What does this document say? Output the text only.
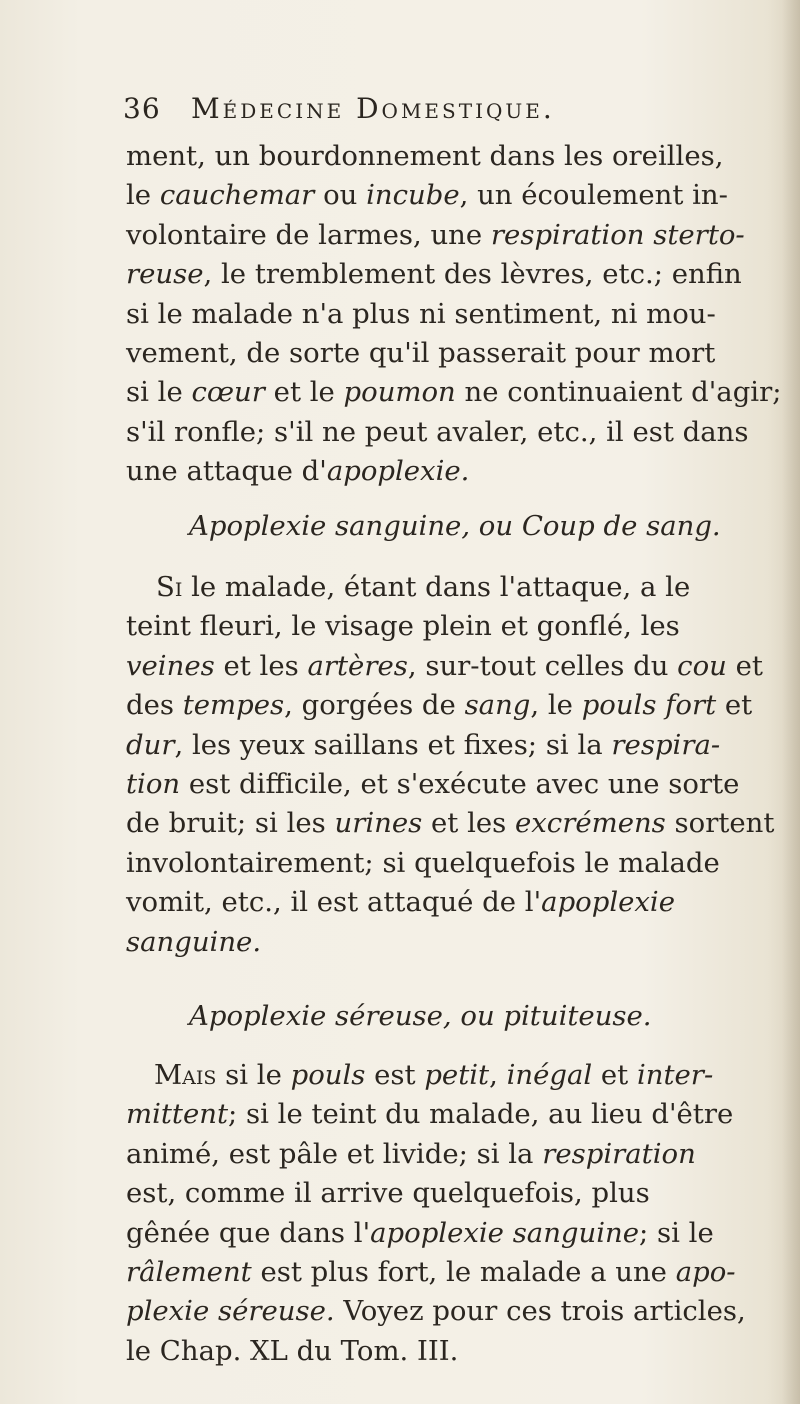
36 Médecine Domestique.
ment, un bourdonnement dans les oreilles,
le cauchemar ou incube, un écoulement in-
volontaire de larmes, une respiration sterto-
reuse, le tremblement des lèvres, etc.; enfin
si le malade n'a plus ni sentiment, ni mou-
vement, de sorte qu'il passerait pour mort
si le cœur et le poumon ne continuaient d'agir;
s'il ronfle; s'il ne peut avaler, etc., il est dans
une attaque d'apoplexie.
Apoplexie sanguine, ou Coup de sang.
Si le malade, étant dans l'attaque, a le
teint fleuri, le visage plein et gonflé, les
veines et les artères, sur-tout celles du cou et
des tempes, gorgées de sang, le pouls fort et
dur, les yeux saillans et fixes; si la respira-
tion est difficile, et s'exécute avec une sorte
de bruit; si les urines et les excrémens sortent
involontairement; si quelquefois le malade
vomit, etc., il est attaqué de l'apoplexie
sanguine.
Apoplexie séreuse, ou pituiteuse.
Mais si le pouls est petit, inégal et inter-
mittent; si le teint du malade, au lieu d'être
animé, est pâle et livide; si la respiration
est, comme il arrive quelquefois, plus
gênée que dans l'apoplexie sanguine; si le
râlement est plus fort, le malade a une apo-
plexie séreuse. Voyez pour ces trois articles,
le Chap. XL du Tom. III.
